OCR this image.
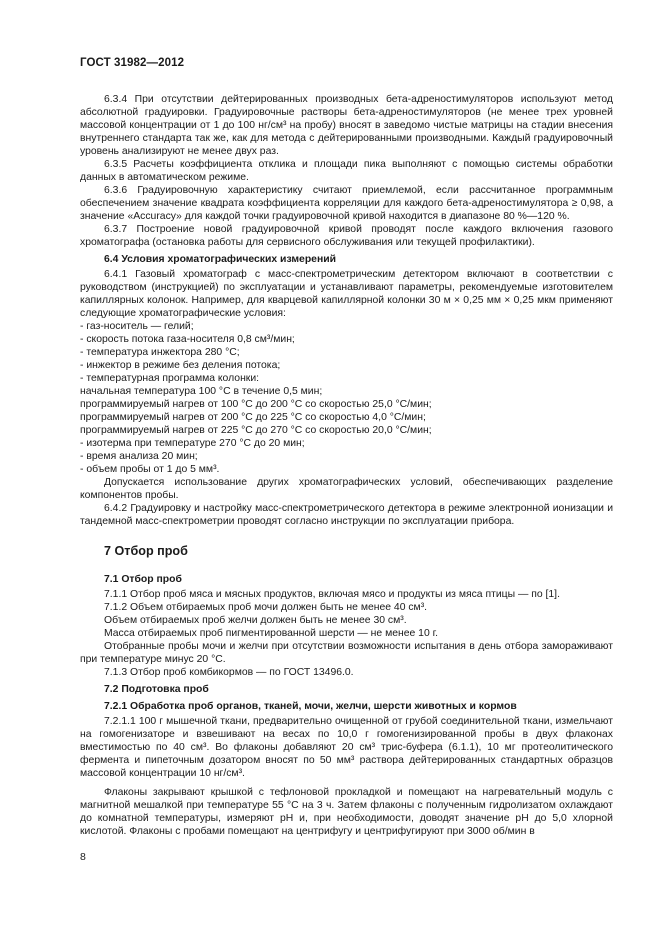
ГОСТ 31982—2012

6.3.4 При отсутствии дейтерированных производных бета-адреностимуляторов используют метод абсолютной градуировки. Градуировочные растворы бета-адреностимуляторов (не менее трех уровней массовой концентрации от 1 до 100 нг/см³ на пробу) вносят в заведомо чистые матрицы на стадии внесения внутреннего стандарта так же, как для метода с дейтерированными производными. Каждый градуировочный уровень анализируют не менее двух раз.

6.3.5 Расчеты коэффициента отклика и площади пика выполняют с помощью системы обработки данных в автоматическом режиме.

6.3.6 Градуировочную характеристику считают приемлемой, если рассчитанное программным обеспечением значение квадрата коэффициента корреляции для каждого бета-адреностимулятора ≥ 0,98, а значение «Accuracy» для каждой точки градуировочной кривой находится в диапазоне 80 %—120 %.

6.3.7 Построение новой градуировочной кривой проводят после каждого включения газового хроматографа (остановка работы для сервисного обслуживания или текущей профилактики).

6.4 Условия хроматографических измерений

6.4.1 Газовый хроматограф с масс-спектрометрическим детектором включают в соответствии с руководством (инструкцией) по эксплуатации и устанавливают параметры, рекомендуемые изготовителем капиллярных колонок. Например, для кварцевой капиллярной колонки 30 м × 0,25 мм × 0,25 мкм применяют следующие хроматографические условия:

- газ-носитель — гелий;

- скорость потока газа-носителя 0,8 см³/мин;

- температура инжектора 280 °C;

- инжектор в режиме без деления потока;

- температурная программа колонки:

начальная температура 100 °C в течение 0,5 мин;

программируемый нагрев от 100 °C до 200 °C со скоростью 25,0 °C/мин;

программируемый нагрев от 200 °C до 225 °C со скоростью 4,0 °C/мин;

программируемый нагрев от 225 °C до 270 °C со скоростью 20,0 °C/мин;

- изотерма при температуре 270 °C до 20 мин;

- время анализа 20 мин;

- объем пробы от 1 до 5 мм³.

Допускается использование других хроматографических условий, обеспечивающих разделение компонентов пробы.

6.4.2 Градуировку и настройку масс-спектрометрического детектора в режиме электронной ионизации и тандемной масс-спектрометрии проводят согласно инструкции по эксплуатации прибора.

7 Отбор проб

7.1 Отбор проб

7.1.1 Отбор проб мяса и мясных продуктов, включая мясо и продукты из мяса птицы — по [1].

7.1.2 Объем отбираемых проб мочи должен быть не менее 40 см³.

Объем отбираемых проб желчи должен быть не менее 30 см³.

Масса отбираемых проб пигментированной шерсти — не менее 10 г.

Отобранные пробы мочи и желчи при отсутствии возможности испытания в день отбора замораживают при температуре минус 20 °C.

7.1.3 Отбор проб комбикормов — по ГОСТ 13496.0.

7.2 Подготовка проб

7.2.1 Обработка проб органов, тканей, мочи, желчи, шерсти животных и кормов

7.2.1.1 100 г мышечной ткани, предварительно очищенной от грубой соединительной ткани, измельчают на гомогенизаторе и взвешивают на весах по 10,0 г гомогенизированной пробы в двух флаконах вместимостью по 40 см³. Во флаконы добавляют 20 см³ трис-буфера (6.1.1), 10 мг протеолитического фермента и пипеточным дозатором вносят по 50 мм³ раствора дейтерированных стандартных образцов массовой концентрации 10 нг/см³.

Флаконы закрывают крышкой с тефлоновой прокладкой и помещают на нагревательный модуль с магнитной мешалкой при температуре 55 °C на 3 ч. Затем флаконы с полученным гидролизатом охлаждают до комнатной температуры, измеряют pH и, при необходимости, доводят значение pH до 5,0 хлорной кислотой. Флаконы с пробами помещают на центрифугу и центрифугируют при 3000 об/мин в

8
